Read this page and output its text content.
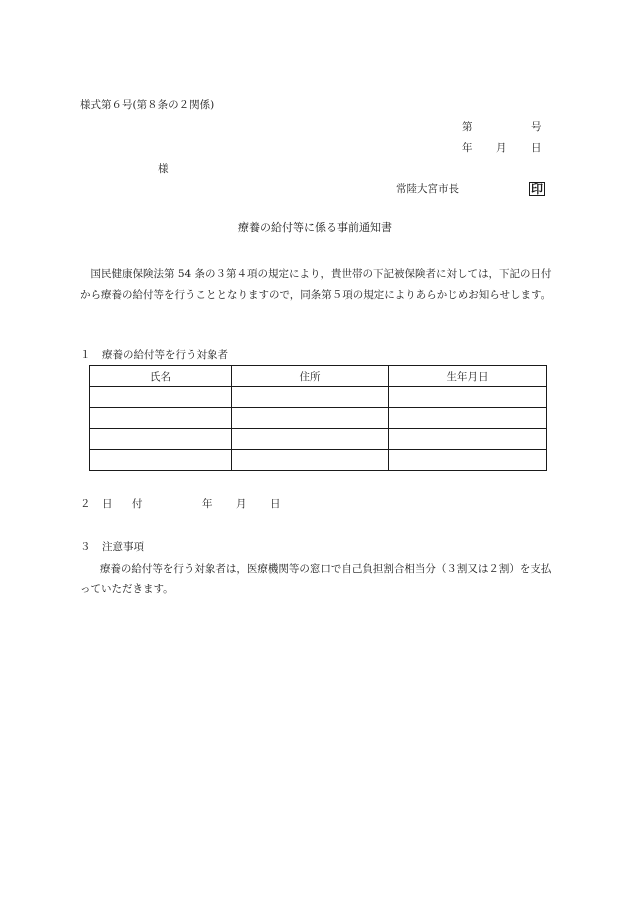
様式第６号(第８条の２関係)
第	号
年 月 日
様
常陸大宮市長	印
療養の給付等に係る事前通知書

国民健康保険法第 54 条の３第４項の規定により，貴世帯の下記被保険者に対しては，下記の日付から療養の給付等を行うこととなりますので，同条第５項の規定によりあらかじめお知らせします。

１ 療養の給付等を行う対象者
氏名	住所	生年月日

２ 日 付	年 月 日
３ 注意事項

療養の給付等を行う対象者は，医療機関等の窓口で自己負担割合相当分（３割又は２割）を支払っていただきます。
